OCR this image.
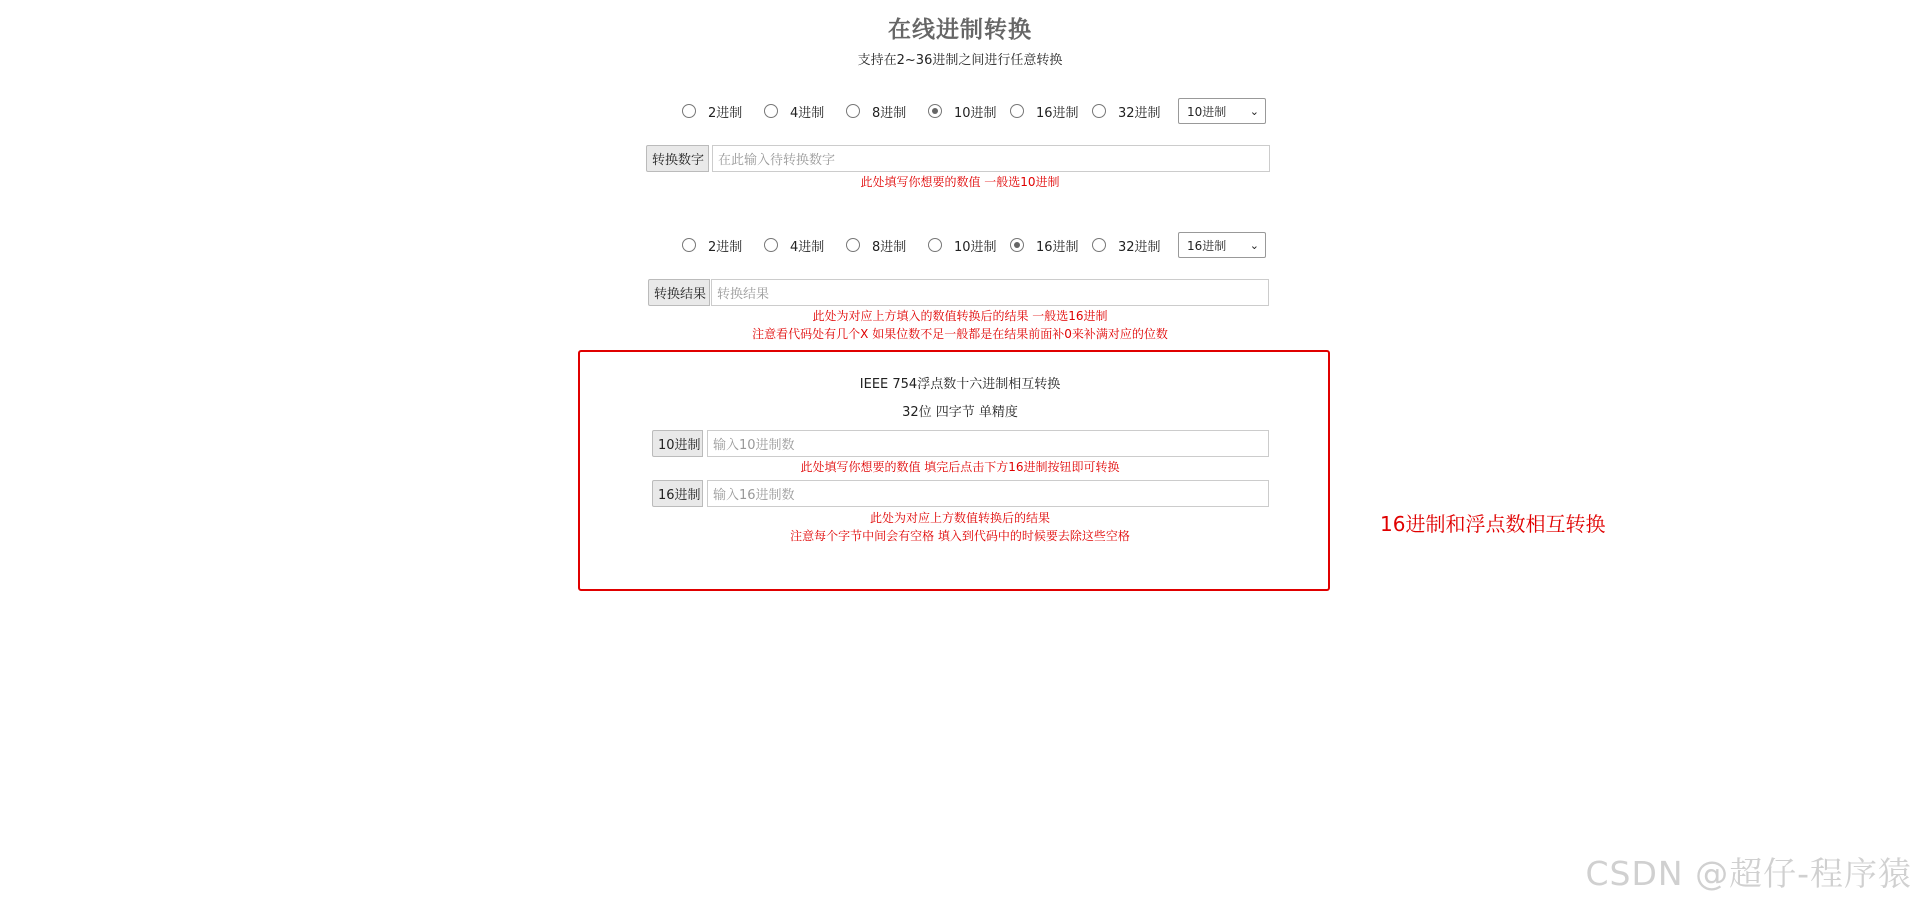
在线进制转换
支持在2~36进制之间进行任意转换
2进制	4进制	8进制	10进制	16进制	32进制	10进制 ⌄
转换数字	在此输入待转换数字
此处填写你想要的数值 一般选10进制
2进制	4进制	8进制	10进制	16进制	32进制	16进制 ⌄
转换结果 转换结果
此处为对应上方填入的数值转换后的结果 一般选16进制
注意看代码处有几个X 如果位数不足一般都是在结果前面补0来补满对应的位数
IEEE 754浮点数十六进制相互转换
32位 四字节 单精度
10进制 输入10进制数
此处填写你想要的数值 填完后点击下方16进制按钮即可转换
16进制 输入16进制数
此处为对应上方数值转换后的结果
注意每个字节中间会有空格 填入到代码中的时候要去除这些空格	16进制和浮点数相互转换
CSDN @超仔-程序猿
